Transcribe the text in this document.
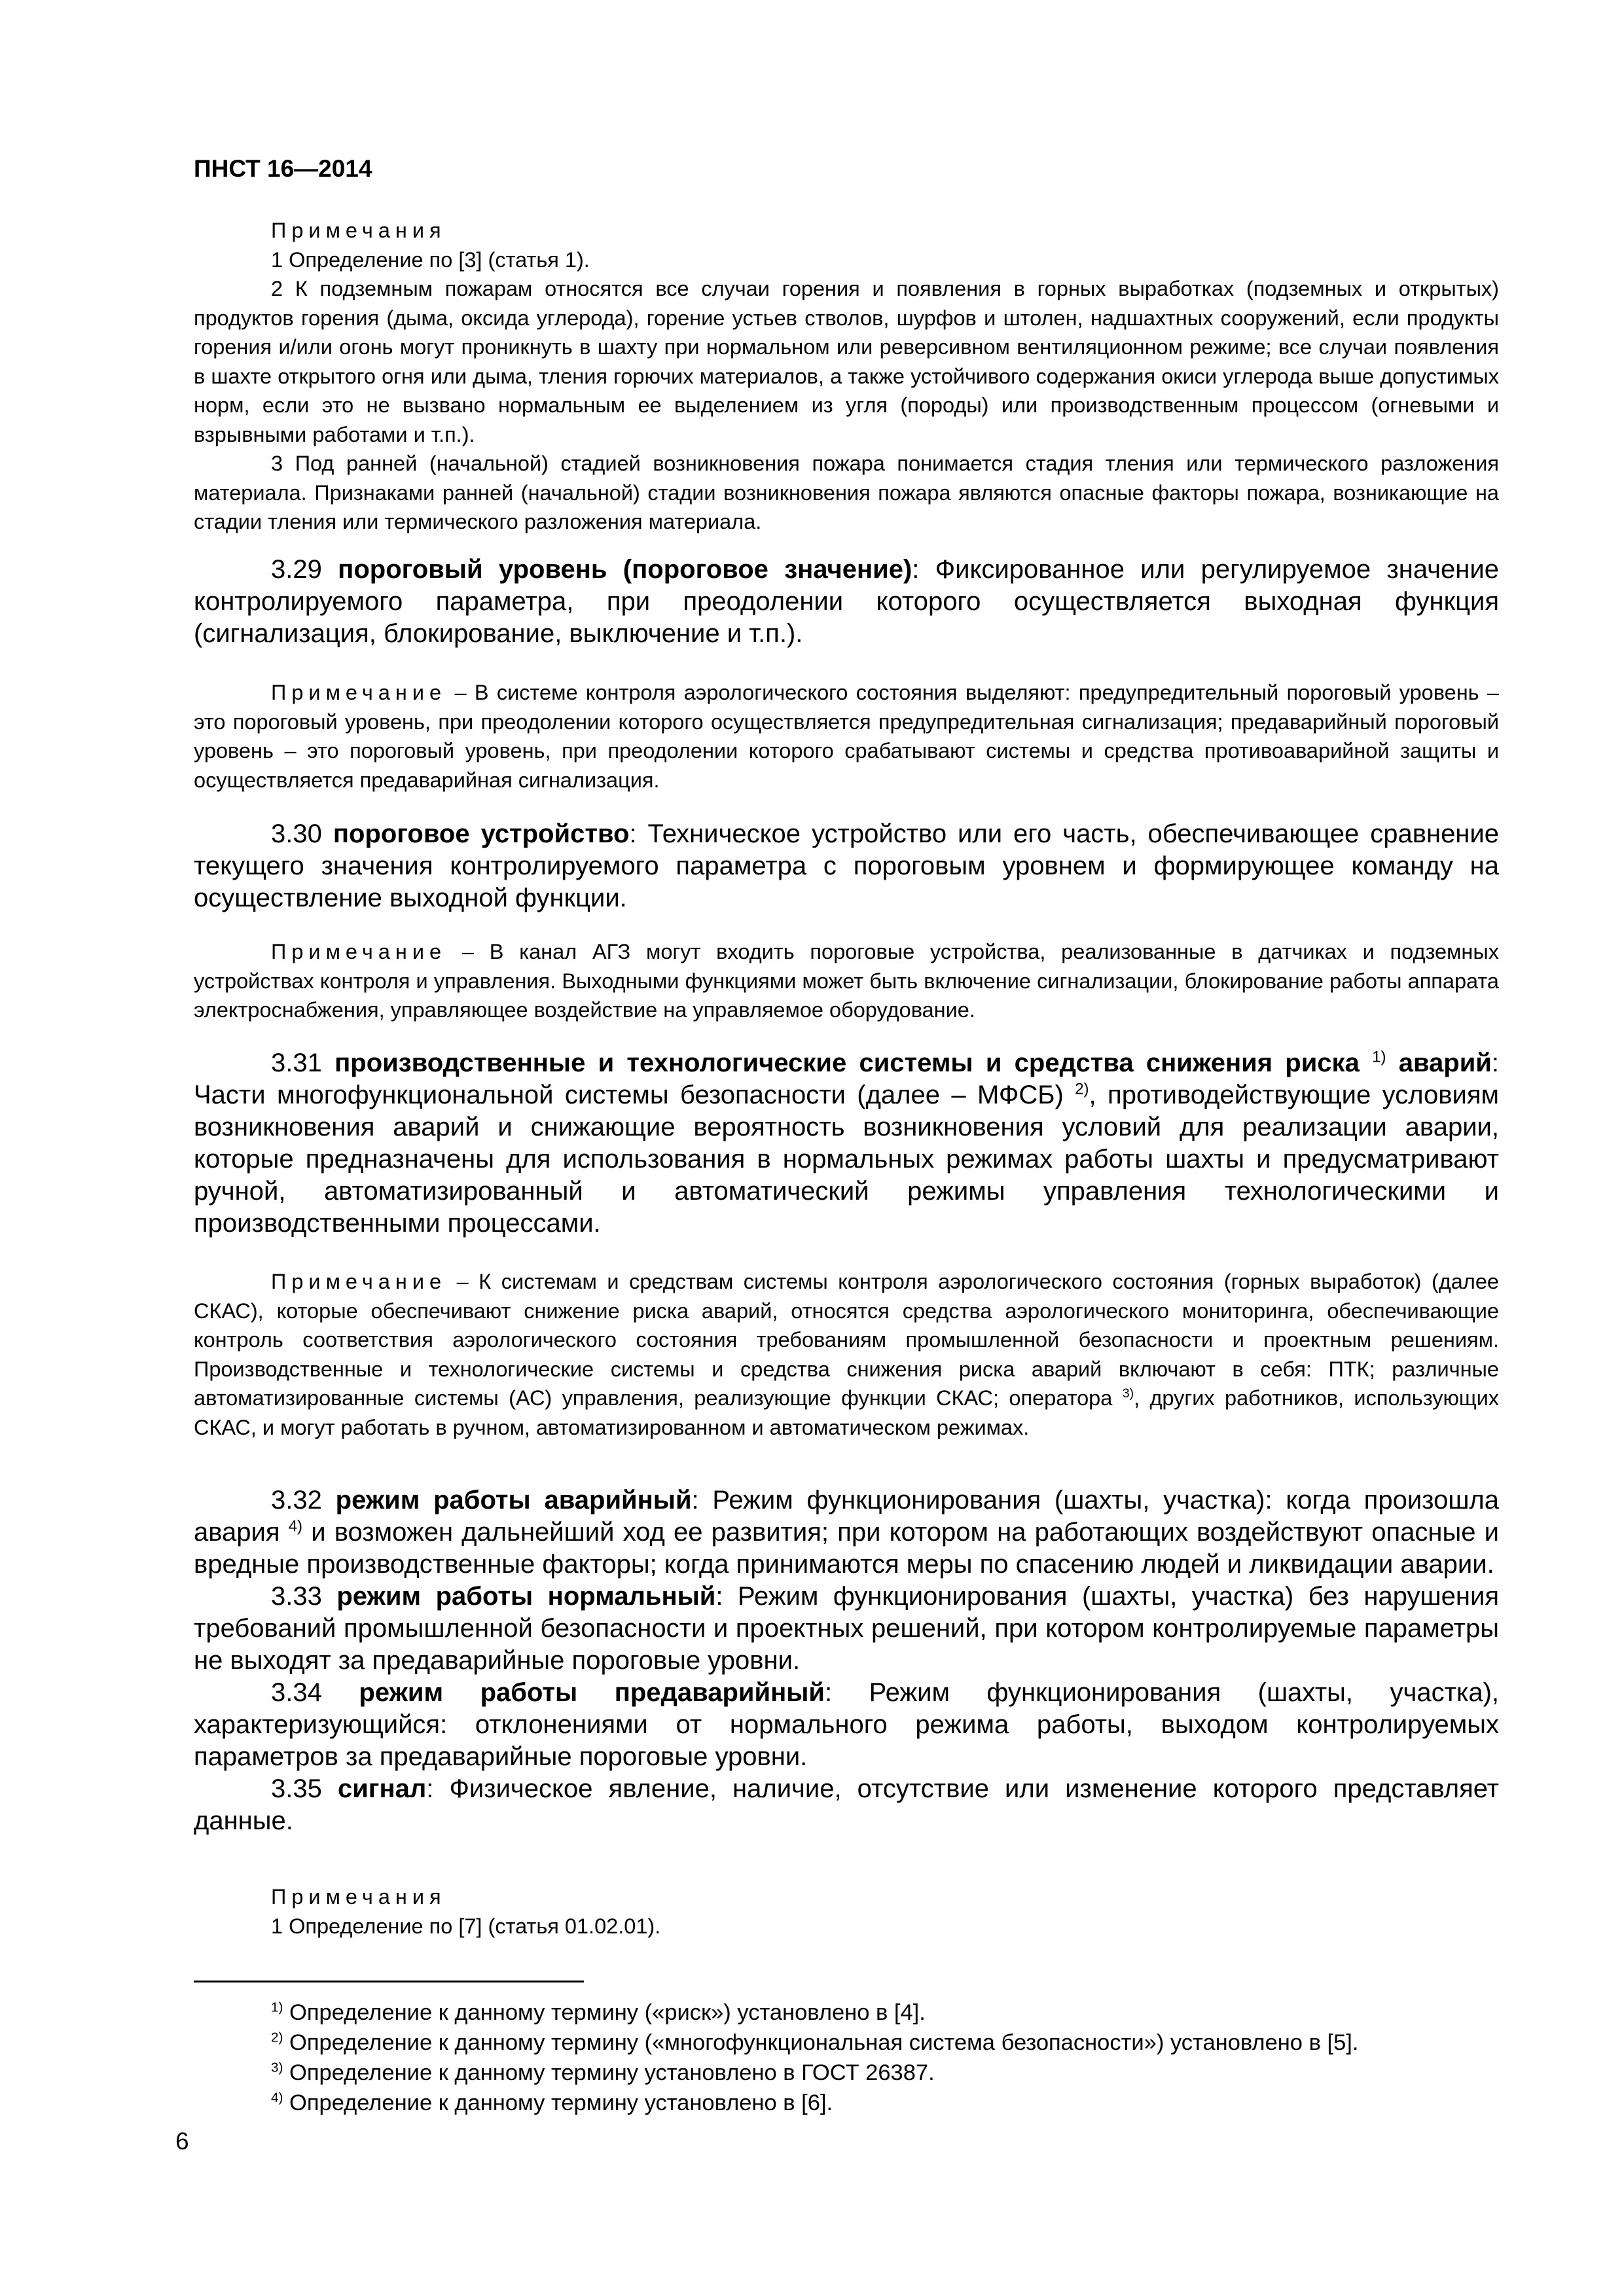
ПНСТ 16—2014

Примечания

1 Определение по [3] (статья 1).

2 К подземным пожарам относятся все случаи горения и появления в горных выработках (подземных и открытых) продуктов горения (дыма, оксида углерода), горение устьев стволов, шурфов и штолен, надшахтных сооружений, если продукты горения и/или огонь могут проникнуть в шахту при нормальном или реверсивном вентиляционном режиме; все случаи появления в шахте открытого огня или дыма, тления горючих материалов, а также устойчивого содержания окиси углерода выше допустимых норм, если это не вызвано нормальным ее выделением из угля (породы) или производственным процессом (огневыми и взрывными работами и т.п.).

3 Под ранней (начальной) стадией возникновения пожара понимается стадия тления или термического разложения материала. Признаками ранней (начальной) стадии возникновения пожара являются опасные факторы пожара, возникающие на стадии тления или термического разложения материала.

3.29 пороговый уровень (пороговое значение): Фиксированное или регулируемое значение контролируемого параметра, при преодолении которого осуществляется выходная функция (сигнализация, блокирование, выключение и т.п.).

Примечание – В системе контроля аэрологического состояния выделяют: предупредительный пороговый уровень – это пороговый уровень, при преодолении которого осуществляется предупредительная сигнализация; предаварийный пороговый уровень – это пороговый уровень, при преодолении которого срабатывают системы и средства противоаварийной защиты и осуществляется предаварийная сигнализация.

3.30 пороговое устройство: Техническое устройство или его часть, обеспечивающее сравнение текущего значения контролируемого параметра с пороговым уровнем и формирующее команду на осуществление выходной функции.

Примечание – В канал АГЗ могут входить пороговые устройства, реализованные в датчиках и подземных устройствах контроля и управления. Выходными функциями может быть включение сигнализации, блокирование работы аппарата электроснабжения, управляющее воздействие на управляемое оборудование.

3.31 производственные и технологические системы и средства снижения риска $^{1)}$ аварий: Части многофункциональной системы безопасности (далее – МФСБ) $^{2)}$, противодействующие условиям возникновения аварий и снижающие вероятность возникновения условий для реализации аварии, которые предназначены для использования в нормальных режимах работы шахты и предусматривают ручной, автоматизированный и автоматический режимы управления технологическими и производственными процессами.

Примечание – К системам и средствам системы контроля аэрологического состояния (горных выработок) (далее СКАС), которые обеспечивают снижение риска аварий, относятся средства аэрологического мониторинга, обеспечивающие контроль соответствия аэрологического состояния требованиям промышленной безопасности и проектным решениям. Производственные и технологические системы и средства снижения риска аварий включают в себя: ПТК; различные автоматизированные системы (АС) управления, реализующие функции СКАС; оператора $^{3)}$, других работников, использующих СКАС, и могут работать в ручном, автоматизированном и автоматическом режимах.

3.32 режим работы аварийный: Режим функционирования (шахты, участка): когда произошла авария $^{4)}$ и возможен дальнейший ход ее развития; при котором на работающих воздействуют опасные и вредные производственные факторы; когда принимаются меры по спасению людей и ликвидации аварии.

3.33 режим работы нормальный: Режим функционирования (шахты, участка) без нарушения требований промышленной безопасности и проектных решений, при котором контролируемые параметры не выходят за предаварийные пороговые уровни.

3.34 режим работы предаварийный: Режим функционирования (шахты, участка), характеризующийся: отклонениями от нормального режима работы, выходом контролируемых параметров за предаварийные пороговые уровни.

3.35 сигнал: Физическое явление, наличие, отсутствие или изменение которого представляет данные.

Примечания

1 Определение по [7] (статья 01.02.01).

$^{1)}$ Определение к данному термину («риск») установлено в [4].

$^{2)}$ Определение к данному термину («многофункциональная система безопасности») установлено в [5].

$^{3)}$ Определение к данному термину установлено в ГОСТ 26387.

$^{4)}$ Определение к данному термину установлено в [6].

6
